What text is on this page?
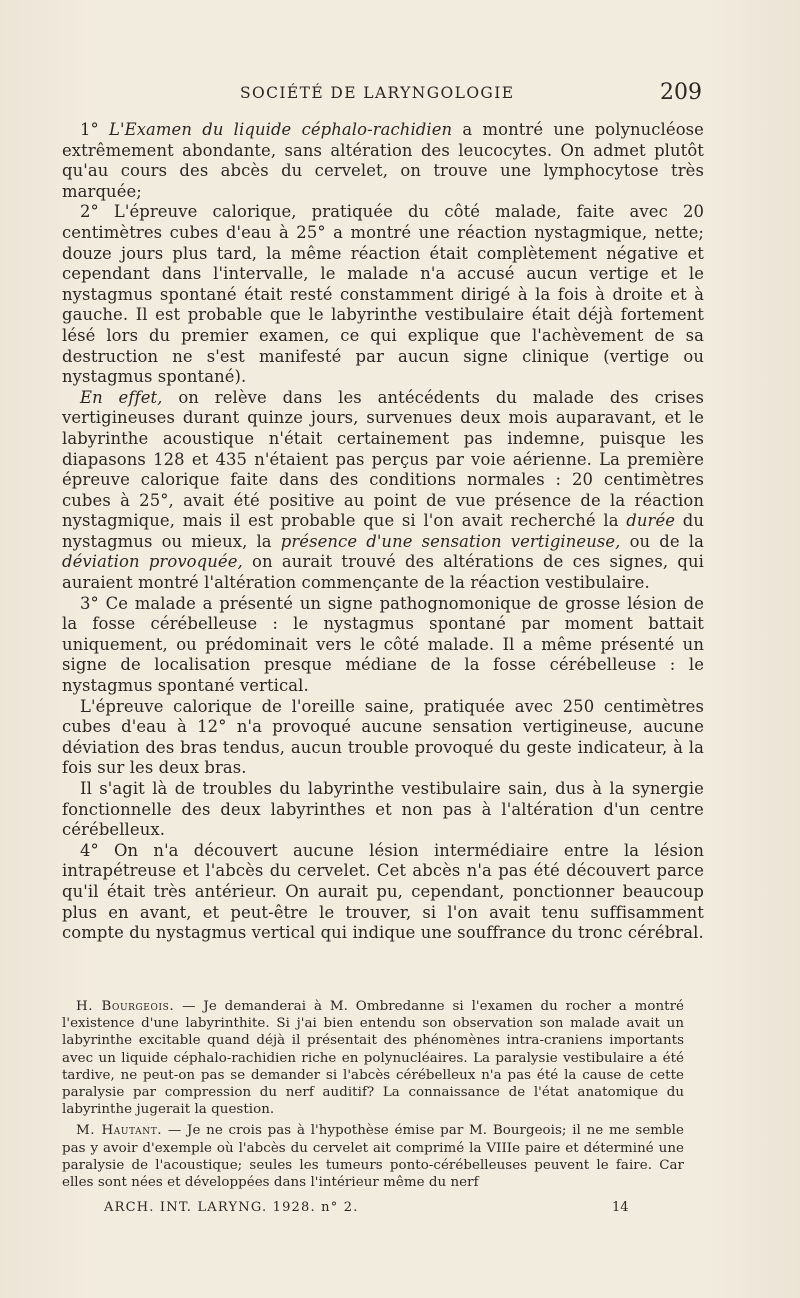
SOCIÉTÉ DE LARYNGOLOGIE	209

1° L'Examen du liquide céphalo-rachidien a montré une polynucléose extrêmement abondante, sans altération des leucocytes. On admet plutôt qu'au cours des abcès du cervelet, on trouve une lymphocytose très marquée;

2° L'épreuve calorique, pratiquée du côté malade, faite avec 20 centimètres cubes d'eau à 25° a montré une réaction nystagmique, nette; douze jours plus tard, la même réaction était complètement négative et cependant dans l'intervalle, le malade n'a accusé aucun vertige et le nystagmus spontané était resté constamment dirigé à la fois à droite et à gauche. Il est probable que le labyrinthe vestibulaire était déjà fortement lésé lors du premier examen, ce qui explique que l'achèvement de sa destruction ne s'est manifesté par aucun signe clinique (vertige ou nystagmus spontané).

En effet, on relève dans les antécédents du malade des crises vertigineuses durant quinze jours, survenues deux mois auparavant, et le labyrinthe acoustique n'était certainement pas indemne, puisque les diapasons 128 et 435 n'étaient pas perçus par voie aérienne. La première épreuve calorique faite dans des conditions normales : 20 centimètres cubes à 25°, avait été positive au point de vue présence de la réaction nystagmique, mais il est probable que si l'on avait recherché la durée du nystagmus ou mieux, la présence d'une sensation vertigineuse, ou de la déviation provoquée, on aurait trouvé des altérations de ces signes, qui auraient montré l'altération commençante de la réaction vestibulaire.

3° Ce malade a présenté un signe pathognomonique de grosse lésion de la fosse cérébelleuse : le nystagmus spontané par moment battait uniquement, ou prédominait vers le côté malade. Il a même présenté un signe de localisation presque médiane de la fosse cérébelleuse : le nystagmus spontané vertical.

L'épreuve calorique de l'oreille saine, pratiquée avec 250 centimètres cubes d'eau à 12° n'a provoqué aucune sensation vertigineuse, aucune déviation des bras tendus, aucun trouble provoqué du geste indicateur, à la fois sur les deux bras.

Il s'agit là de troubles du labyrinthe vestibulaire sain, dus à la synergie fonctionnelle des deux labyrinthes et non pas à l'altération d'un centre cérébelleux.

4° On n'a découvert aucune lésion intermédiaire entre la lésion intrapétreuse et l'abcès du cervelet. Cet abcès n'a pas été découvert parce qu'il était très antérieur. On aurait pu, cependant, ponctionner beaucoup plus en avant, et peut-être le trouver, si l'on avait tenu suffisamment compte du nystagmus vertical qui indique une souffrance du tronc cérébral.

H. Bourgeois. — Je demanderai à M. Ombredanne si l'examen du rocher a montré l'existence d'une labyrinthite. Si j'ai bien entendu son observation son malade avait un labyrinthe excitable quand déjà il présentait des phénomènes intra-craniens importants avec un liquide céphalo-rachidien riche en polynucléaires. La paralysie vestibulaire a été tardive, ne peut-on pas se demander si l'abcès cérébelleux n'a pas été la cause de cette paralysie par compression du nerf auditif? La connaissance de l'état anatomique du labyrinthe jugerait la question.

M. Hautant. — Je ne crois pas à l'hypothèse émise par M. Bourgeois; il ne me semble pas y avoir d'exemple où l'abcès du cervelet ait comprimé la VIIIe paire et déterminé une paralysie de l'acoustique; seules les tumeurs ponto-cérébelleuses peuvent le faire. Car elles sont nées et développées dans l'intérieur même du nerf

ARCH. INT. LARYNG. 1928. n° 2.	14
